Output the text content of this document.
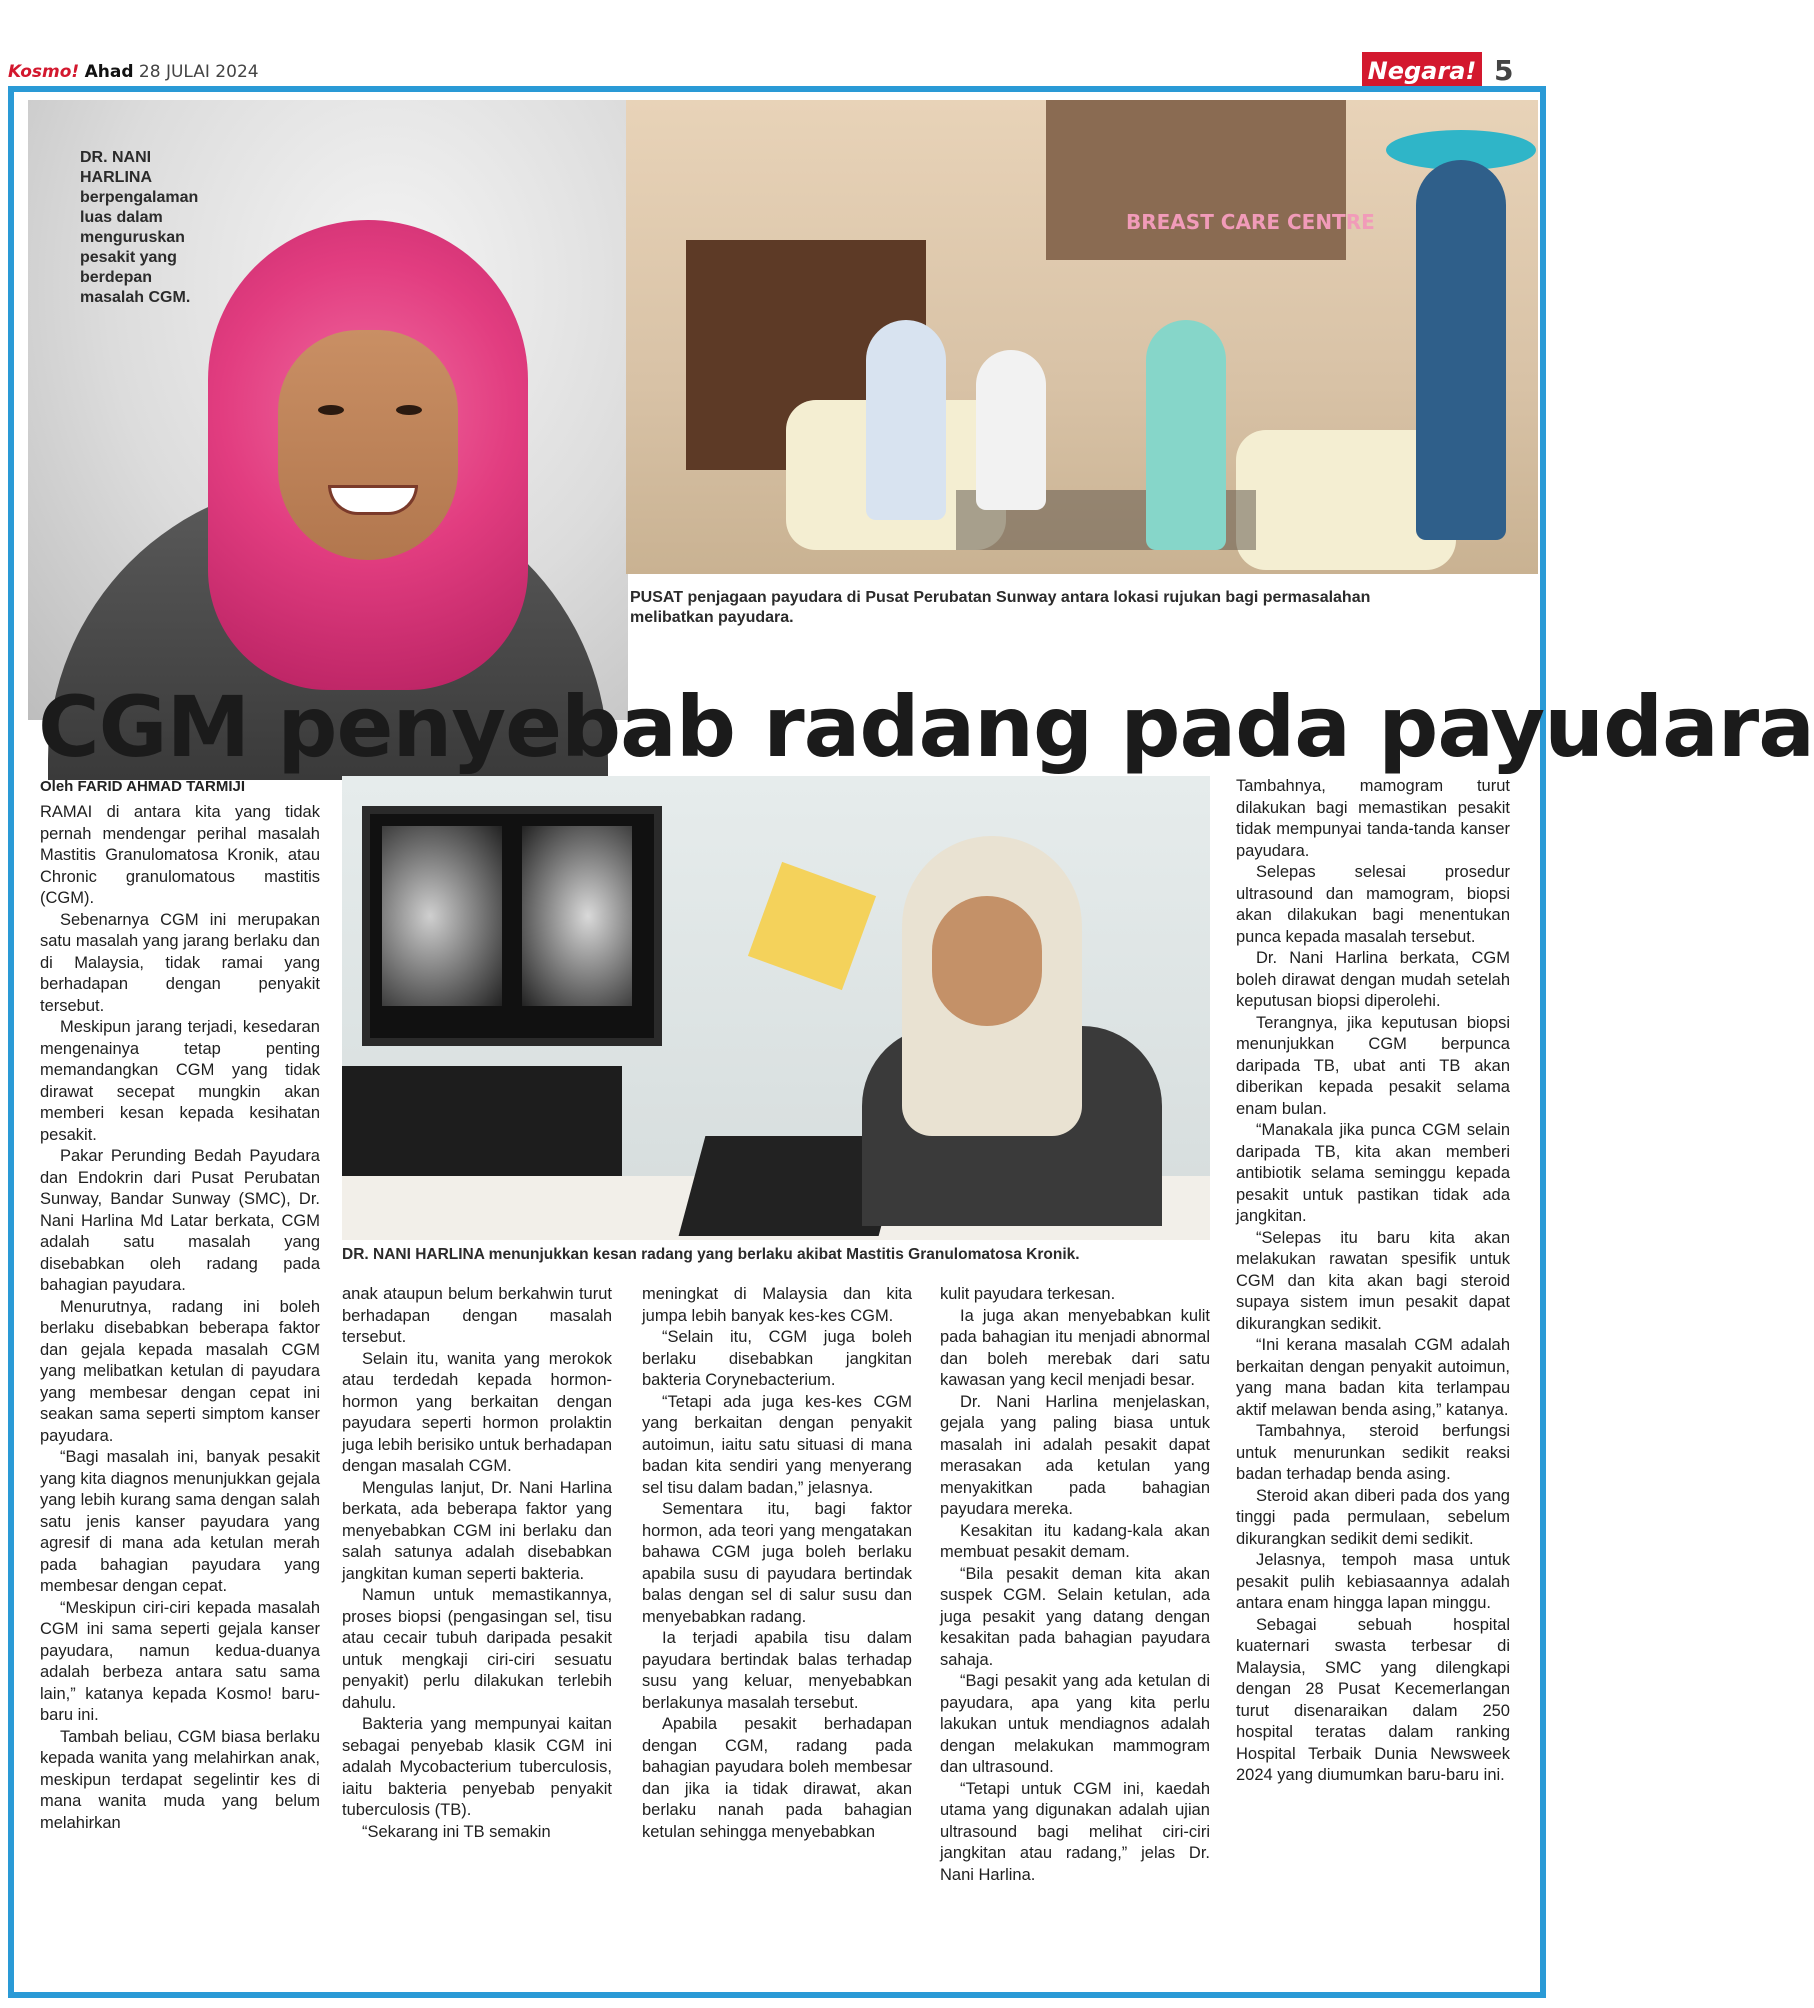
Kosmo! Ahad 28 JULAI 2024	Negara! 5
DR. NANI HARLINA berpengalaman luas dalam menguruskan pesakit yang berdepan masalah CGM.
BREAST CARE CENTRE
PUSAT penjagaan payudara di Pusat Perubatan Sunway antara lokasi rujukan bagi permasalahan melibatkan payudara.
CGM penyebab radang pada payudara
Oleh FARID AHMAD TARMIJI

RAMAI di antara kita yang tidak pernah mendengar perihal masalah Mastitis Granulomatosa Kronik, atau Chronic granulomatous mastitis (CGM).

Sebenarnya CGM ini merupakan satu masalah yang jarang berlaku dan di Malaysia, tidak ramai yang berhadapan dengan penyakit tersebut.

Meskipun jarang terjadi, kesedaran mengenainya tetap penting memandangkan CGM yang tidak dirawat secepat mungkin akan memberi kesan kepada kesihatan pesakit.

Pakar Perunding Bedah Payudara dan Endokrin dari Pusat Perubatan Sunway, Bandar Sunway (SMC), Dr. Nani Harlina Md Latar berkata, CGM adalah satu masalah yang disebabkan oleh radang pada bahagian payudara.

Menurutnya, radang ini boleh berlaku disebabkan beberapa faktor dan gejala kepada masalah CGM yang melibatkan ketulan di payudara yang membesar dengan cepat ini seakan sama seperti simptom kanser payudara.

“Bagi masalah ini, banyak pesakit yang kita diagnos menunjukkan gejala yang lebih kurang sama dengan salah satu jenis kanser payudara yang agresif di mana ada ketulan merah pada bahagian payudara yang membesar dengan cepat.

“Meskipun ciri-ciri kepada masalah CGM ini sama seperti gejala kanser payudara, namun kedua-duanya adalah berbeza antara satu sama lain,” katanya kepada Kosmo! baru-baru ini.

Tambah beliau, CGM biasa berlaku kepada wanita yang melahirkan anak, meskipun terdapat segelintir kes di mana wanita muda yang belum melahirkan

DR. NANI HARLINA menunjukkan kesan radang yang berlaku akibat Mastitis Granulomatosa Kronik.

anak ataupun belum berkahwin turut berhadapan dengan masalah tersebut.

Selain itu, wanita yang merokok atau terdedah kepada hormon-hormon yang berkaitan dengan payudara seperti hormon prolaktin juga lebih berisiko untuk berhadapan dengan masalah CGM.

Mengulas lanjut, Dr. Nani Harlina berkata, ada beberapa faktor yang menyebabkan CGM ini berlaku dan salah satunya adalah disebabkan jangkitan kuman seperti bakteria.

Namun untuk memastikannya, proses biopsi (pengasingan sel, tisu atau cecair tubuh daripada pesakit untuk mengkaji ciri-ciri sesuatu penyakit) perlu dilakukan terlebih dahulu.

Bakteria yang mempunyai kaitan sebagai penyebab klasik CGM ini adalah Mycobacterium tuberculosis, iaitu bakteria penyebab penyakit tuberculosis (TB).

“Sekarang ini TB semakin

meningkat di Malaysia dan kita jumpa lebih banyak kes-kes CGM.

“Selain itu, CGM juga boleh berlaku disebabkan jangkitan bakteria Corynebacterium.

“Tetapi ada juga kes-kes CGM yang berkaitan dengan penyakit autoimun, iaitu satu situasi di mana badan kita sendiri yang menyerang sel tisu dalam badan,” jelasnya.

Sementara itu, bagi faktor hormon, ada teori yang mengatakan bahawa CGM juga boleh berlaku apabila susu di payudara bertindak balas dengan sel di salur susu dan menyebabkan radang.

Ia terjadi apabila tisu dalam payudara bertindak balas terhadap susu yang keluar, menyebabkan berlakunya masalah tersebut.

Apabila pesakit berhadapan dengan CGM, radang pada bahagian payudara boleh membesar dan jika ia tidak dirawat, akan berlaku nanah pada bahagian ketulan sehingga menyebabkan

kulit payudara terkesan.

Ia juga akan menyebabkan kulit pada bahagian itu menjadi abnormal dan boleh merebak dari satu kawasan yang kecil menjadi besar.

Dr. Nani Harlina menjelaskan, gejala yang paling biasa untuk masalah ini adalah pesakit dapat merasakan ada ketulan yang menyakitkan pada bahagian payudara mereka.

Kesakitan itu kadang-kala akan membuat pesakit demam.

“Bila pesakit deman kita akan suspek CGM. Selain ketulan, ada juga pesakit yang datang dengan kesakitan pada bahagian payudara sahaja.

“Bagi pesakit yang ada ketulan di payudara, apa yang kita perlu lakukan untuk mendiagnos adalah dengan melakukan mammogram dan ultrasound.

“Tetapi untuk CGM ini, kaedah utama yang digunakan adalah ujian ultrasound bagi melihat ciri-ciri jangkitan atau radang,” jelas Dr. Nani Harlina.

Tambahnya, mamogram turut dilakukan bagi memastikan pesakit tidak mempunyai tanda-tanda kanser payudara.

Selepas selesai prosedur ultrasound dan mamogram, biopsi akan dilakukan bagi menentukan punca kepada masalah tersebut.

Dr. Nani Harlina berkata, CGM boleh dirawat dengan mudah setelah keputusan biopsi diperolehi.

Terangnya, jika keputusan biopsi menunjukkan CGM berpunca daripada TB, ubat anti TB akan diberikan kepada pesakit selama enam bulan.

“Manakala jika punca CGM selain daripada TB, kita akan memberi antibiotik selama seminggu kepada pesakit untuk pastikan tidak ada jangkitan.

“Selepas itu baru kita akan melakukan rawatan spesifik untuk CGM dan kita akan bagi steroid supaya sistem imun pesakit dapat dikurangkan sedikit.

“Ini kerana masalah CGM adalah berkaitan dengan penyakit autoimun, yang mana badan kita terlampau aktif melawan benda asing,” katanya.

Tambahnya, steroid berfungsi untuk menurunkan sedikit reaksi badan terhadap benda asing.

Steroid akan diberi pada dos yang tinggi pada permulaan, sebelum dikurangkan sedikit demi sedikit.

Jelasnya, tempoh masa untuk pesakit pulih kebiasaannya adalah antara enam hingga lapan minggu.

Sebagai sebuah hospital kuaternari swasta terbesar di Malaysia, SMC yang dilengkapi dengan 28 Pusat Kecemerlangan turut disenaraikan dalam 250 hospital teratas dalam ranking Hospital Terbaik Dunia Newsweek 2024 yang diumumkan baru-baru ini.
